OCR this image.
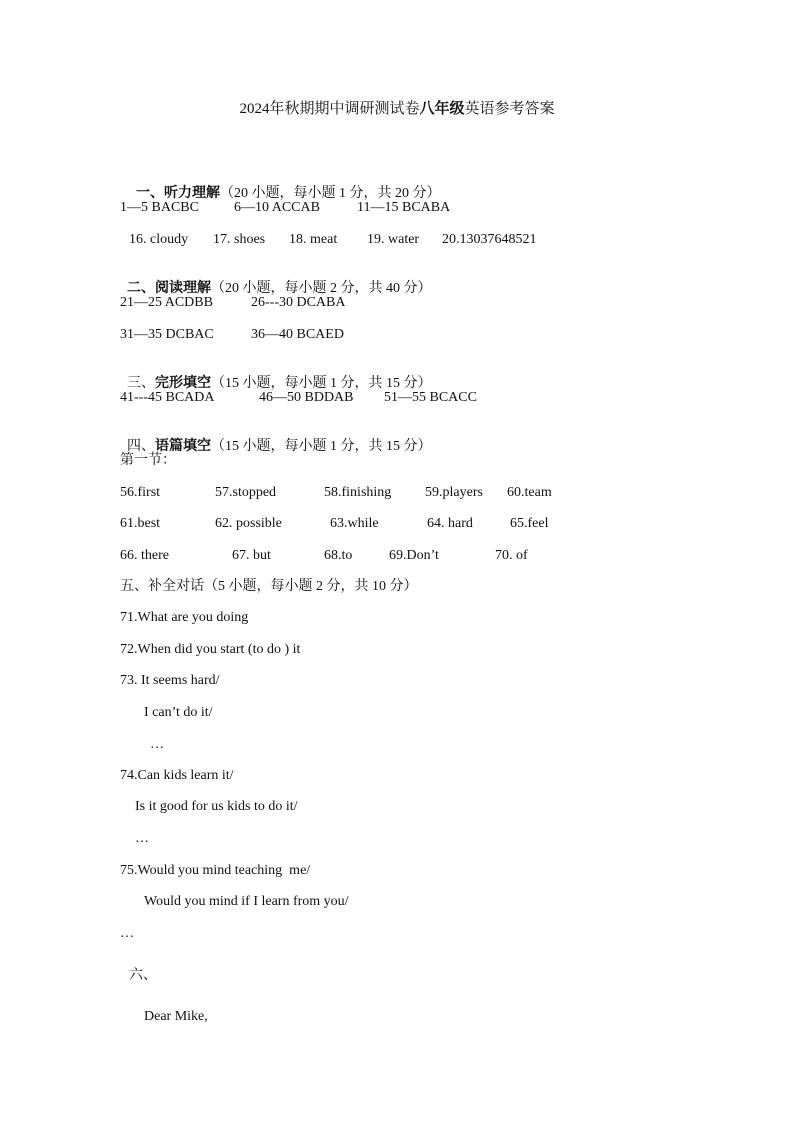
2024年秋期期中调研测试卷八年级英语参考答案

一、听力理解（20 小题，每小题 1 分，共 20 分）

1—5 BACBC	6—10 ACCAB	11—15 BCABA
16. cloudy 17. shoes 18. meat 19. water 20.13037648521

二、阅读理解（20 小题，每小题 2 分，共 40 分）

21—25 ACDBB	26---30 DCABA
31—35 DCBAC	36—40 BCAED

三、完形填空（15 小题，每小题 1 分，共 15 分）

41---45 BCADA	46—50 BDDAB 51—55 BCACC

四、语篇填空（15 小题，每小题 1 分，共 15 分）

第一节：
56.first	57.stopped	58.finishing 59.players 60.team
61.best	62. possible	63.while	64. hard	65.feel
66. there	67. but	68.to	69.Don’t	70. of
五、补全对话（5 小题，每小题 2 分，共 10 分）
71.What are you doing
72.When did you start (to do ) it
73. It seems hard/
I can’t do it/
…
74.Can kids learn it/
Is it good for us kids to do it/
…
75.Would you mind teaching  me/
Would you mind if I learn from you/
…
六、
Dear Mike,
